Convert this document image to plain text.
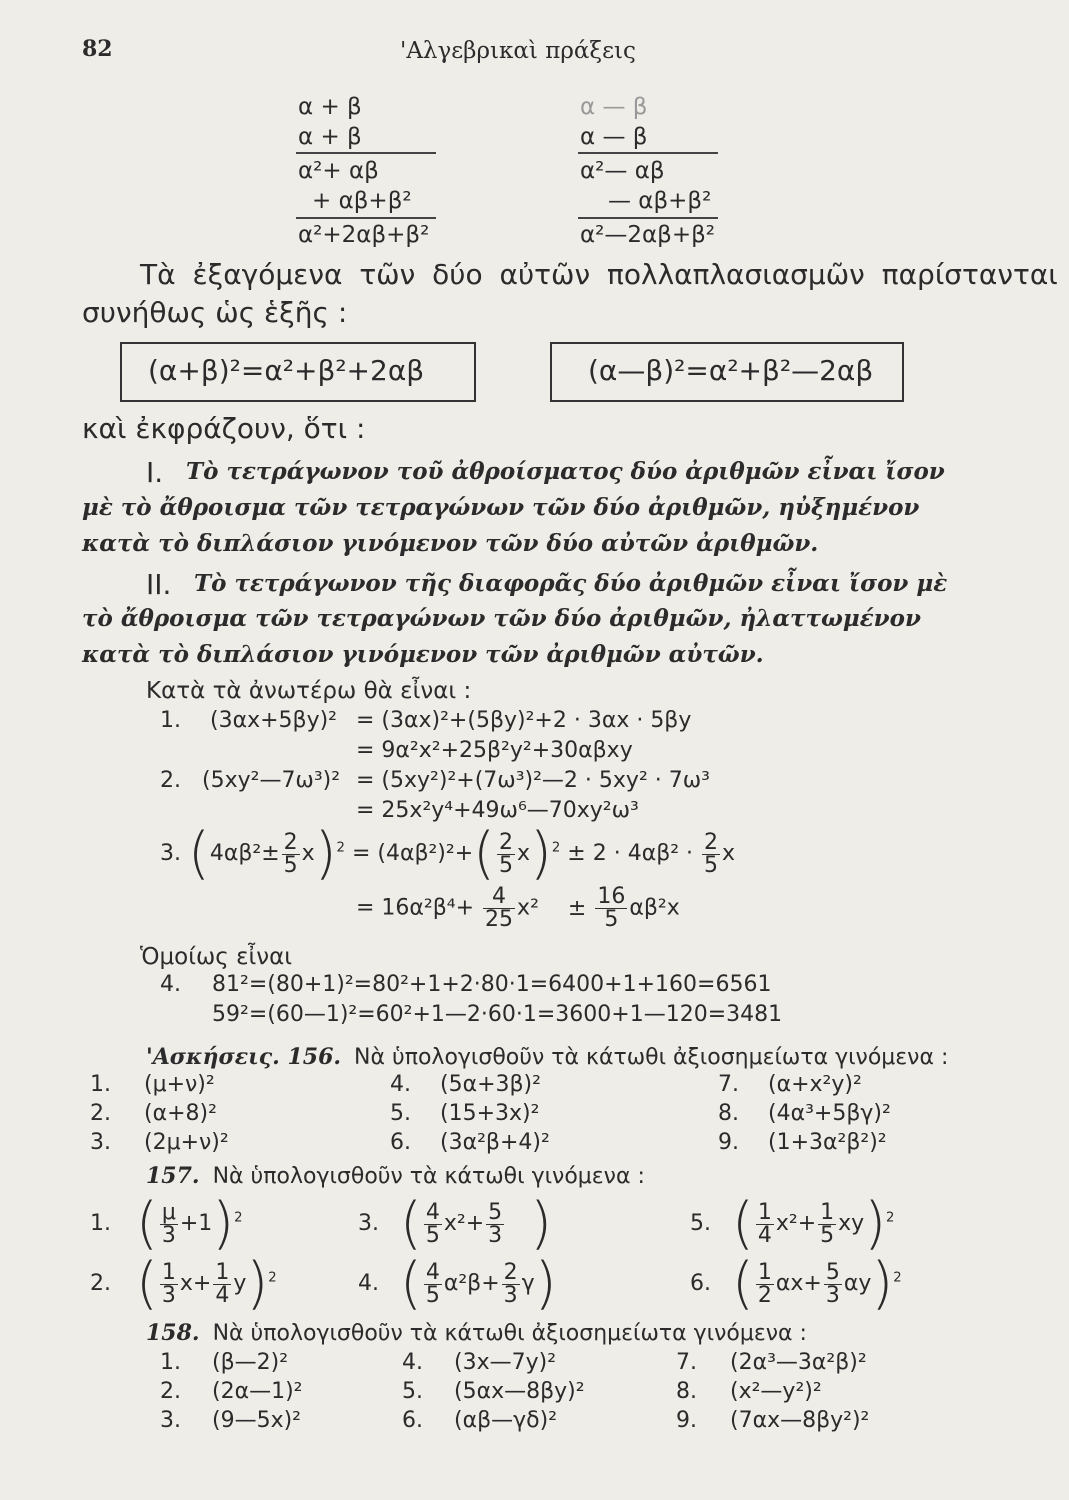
82	'Αλγεβρικαὶ πράξεις
α + β
α + β
α²+ αβ
+ αβ+β²
α²+2αβ+β²
α — β
α — β
α²— αβ
— αβ+β²
α²—2αβ+β²
Τὰ ἐξαγόμενα τῶν δύο αὐτῶν πολλαπλασιασμῶν παρίστανται
συνήθως ὡς ἑξῆς :
(α+β)²=α²+β²+2αβ	(α—β)²=α²+β²—2αβ
καὶ ἐκφράζουν, ὅτι :
I. Τὸ τετράγωνον τοῦ ἀθροίσματος δύο ἀριθμῶν εἶναι ἴσον
μὲ τὸ ἄθροισμα τῶν τετραγώνων τῶν δύο ἀριθμῶν, ηὐξημένον
κατὰ τὸ διπλάσιον γινόμενον τῶν δύο αὐτῶν ἀριθμῶν.
II. Τὸ τετράγωνον τῆς διαφορᾶς δύο ἀριθμῶν εἶναι ἴσον μὲ
τὸ ἄθροισμα τῶν τετραγώνων τῶν δύο ἀριθμῶν, ἠλαττωμένον
κατὰ τὸ διπλάσιον γινόμενον τῶν ἀριθμῶν αὐτῶν.
Κατὰ τὰ ἀνωτέρω θὰ εἶναι :
1. (3αx+5βy)² = (3αx)²+(5βy)²+2 · 3αx · 5βy
= 9α²x²+25β²y²+30αβxy
2. (5xy²—7ω³)² = (5xy²)²+(7ω³)²—2 · 5xy² · 7ω³
= 25x²y⁴+49ω⁶—70xy²ω³
3. $(4\alpha\beta^2\pm \frac{2}{5} x)^2 = (4\alpha\beta^2)^2+( \frac{2}{5} x)^2 \pm 2 \cdot 4\alpha\beta^2 \cdot \frac{2}{5}$ x
= $16\alpha^2\beta^4+ \frac{4}{25} x^2 \pm \frac{16}{5} \alpha\beta^2x$
Ὁμοίως εἶναι
4. 81²=(80+1)²=80²+1+2·80·1=6400+1+160=6561
59²=(60—1)²=60²+1—2·60·1=3600+1—120=3481
'Ασκήσεις. 156. Νὰ ὑπολογισθοῦν τὰ κάτωθι ἀξιοσημείωτα γινόμενα :
1. (μ+ν)²	4. (5α+3β)²	7. (α+x²y)²
2. (α+8)²	5. (15+3x)²	8. (4α³+5βγ)²
3. (2μ+ν)²	6. (3α²β+4)²	9. (1+3α²β²)²
157. Νὰ ὑπολογισθοῦν τὰ κάτωθι γινόμενα :
1. ( $\frac{\mu}{3} +1)^2$	3. ( $\frac{4}{5} x^2+ \frac{5}{3}$ )	5. ( $\frac{1}{4} x^2+ \frac{1}{5} xy)^2$
2. ( $\frac{1}{3} x+ \frac{1}{4} y)^2$	4. ( $\frac{4}{5} \alpha^2\beta+ \frac{2}{3} \gamma$)	6. ( $\frac{1}{2} \alpha x+ \frac{5}{3} \alpha y)^2$
158. Νὰ ὑπολογισθοῦν τὰ κάτωθι ἀξιοσημείωτα γινόμενα :
1. (β—2)²	4. (3x—7y)²	7. (2α³—3α²β)²
2. (2α—1)²	5. (5αx—8βy)²	8. (x²—y²)²
3. (9—5x)²	6. (αβ—γδ)²	9. (7αx—8βy²)²
